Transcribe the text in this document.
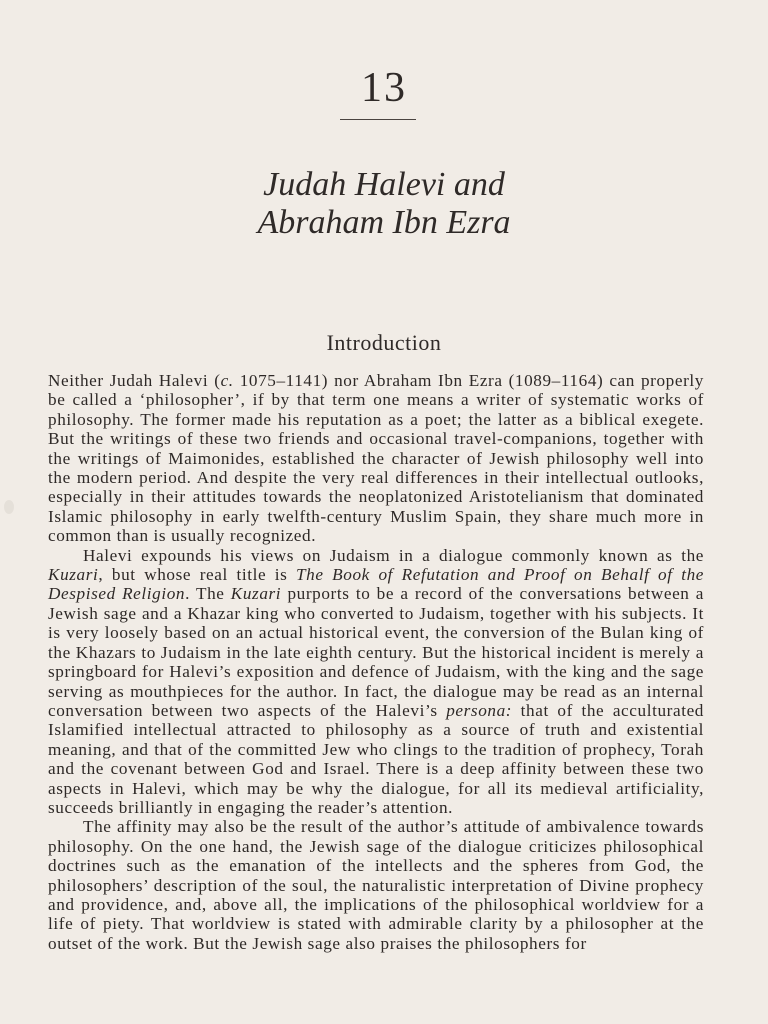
13
Judah Halevi and
Abraham Ibn Ezra
Introduction

Neither Judah Halevi (c. 1075–1141) nor Abraham Ibn Ezra (1089–1164) can properly be called a ‘philosopher’, if by that term one means a writer of systematic works of philosophy. The former made his reputation as a poet; the latter as a biblical exegete. But the writings of these two friends and occasional travel-companions, together with the writings of Maimonides, established the character of Jewish philosophy well into the modern period. And despite the very real differences in their intellectual outlooks, especially in their attitudes towards the neoplatonized Aristotelianism that dominated Islamic philosophy in early twelfth-century Muslim Spain, they share much more in common than is usually recognized.

Halevi expounds his views on Judaism in a dialogue commonly known as the Kuzari, but whose real title is The Book of Refutation and Proof on Behalf of the Despised Religion. The Kuzari purports to be a record of the conversations between a Jewish sage and a Khazar king who converted to Judaism, together with his subjects. It is very loosely based on an actual historical event, the conversion of the Bulan king of the Khazars to Judaism in the late eighth century. But the historical incident is merely a springboard for Halevi’s exposition and defence of Judaism, with the king and the sage serving as mouthpieces for the author. In fact, the dialogue may be read as an internal conversation between two aspects of the Halevi’s persona: that of the acculturated Islamified intellectual attracted to philosophy as a source of truth and existential meaning, and that of the committed Jew who clings to the tradition of prophecy, Torah and the covenant between God and Israel. There is a deep affinity between these two aspects in Halevi, which may be why the dialogue, for all its medieval artificiality, succeeds brilliantly in engaging the reader’s attention.

The affinity may also be the result of the author’s attitude of ambivalence towards philosophy. On the one hand, the Jewish sage of the dialogue criticizes philosophical doctrines such as the emanation of the intellects and the spheres from God, the philosophers’ description of the soul, the naturalistic interpretation of Divine prophecy and providence, and, above all, the implications of the philosophical worldview for a life of piety. That worldview is stated with admirable clarity by a philosopher at the outset of the work. But the Jewish sage also praises the philosophers for
